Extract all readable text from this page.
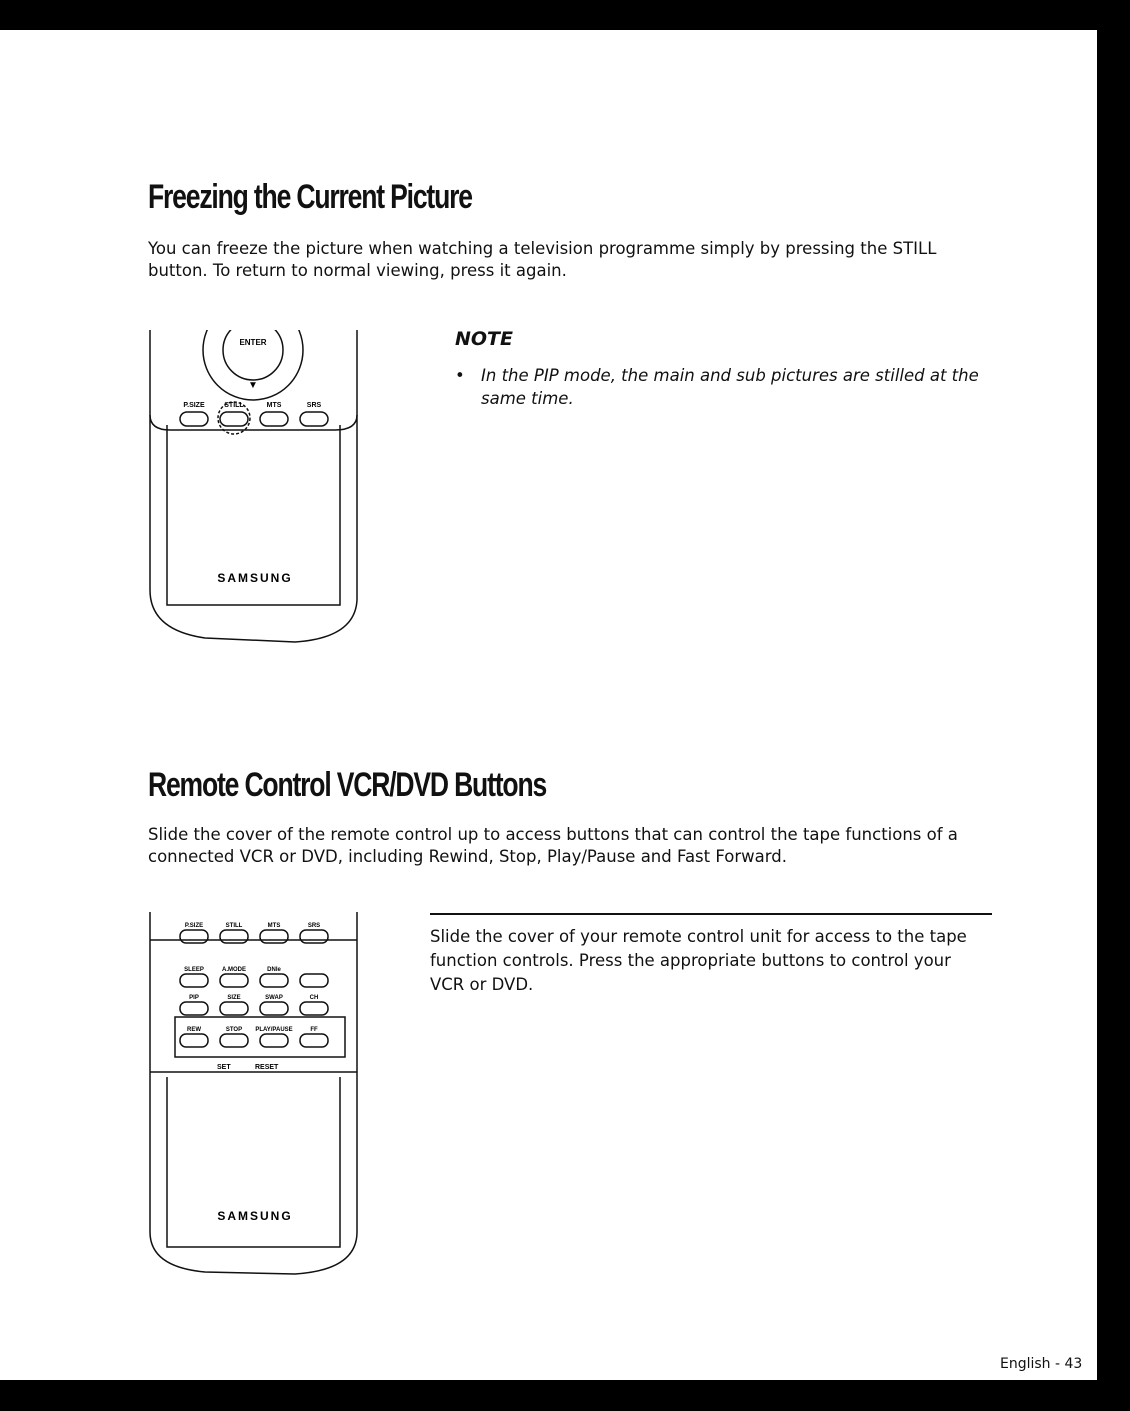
Freezing the Current Picture
You can freeze the picture when watching a television programme simply by pressing the STILL button. To return to normal viewing, press it again.
ENTER
▼
P.SIZE	STILL	MTS	SRS
SAMSUNG
NOTE
• In the PIP mode, the main and sub pictures are stilled at the same time.
Remote Control VCR/DVD Buttons
Slide the cover of the remote control up to access buttons that can control the tape functions of a connected VCR or DVD, including Rewind, Stop, Play/Pause and Fast Forward.
P.SIZE	STILL	MTS	SRS
SLEEP	A.MODE	DNIe
PIP	SIZE	SWAP	CH
REW	STOP PLAY/PAUSE	FF
SET	RESET
SAMSUNG
Slide the cover of your remote control unit for access to the tape function controls. Press the appropriate buttons to control your VCR or DVD.
English - 43
